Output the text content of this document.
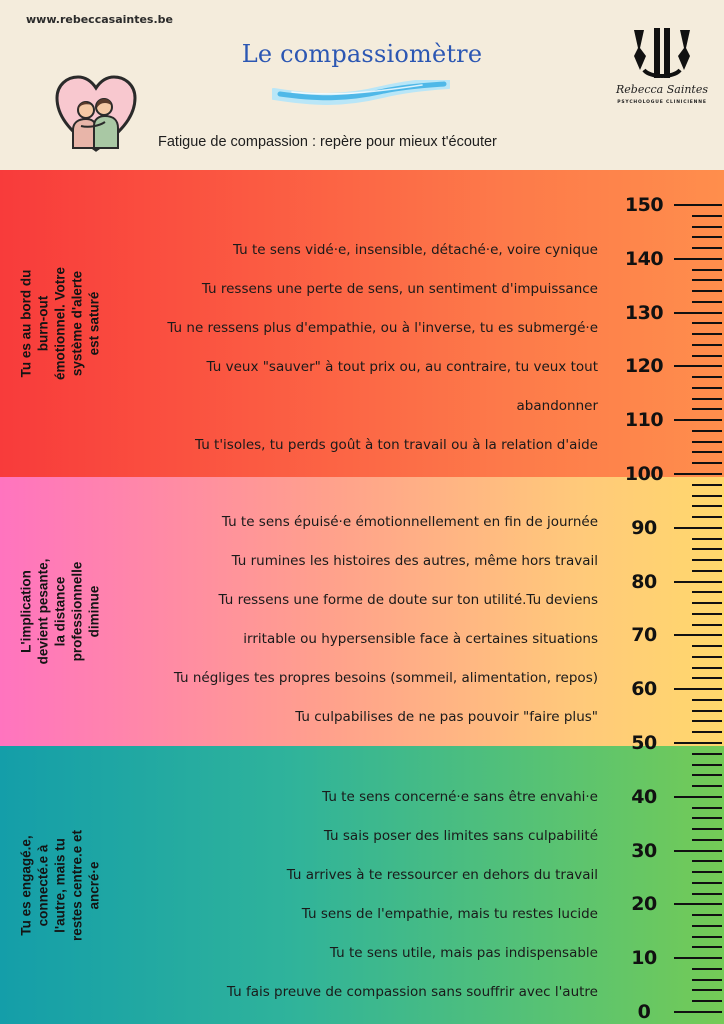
www.rebeccasaintes.be
Le compassiomètre
Fatigue de compassion : repère pour mieux t'écouter
Rebecca Saintes
PSYCHOLOGUE CLINICIENNE
Tu es au bord du burn-out émotionnel. Votre système d'alerte est saturé
L'implication devient pesante, la distance professionnelle diminue
Tu es engagé.e, connecté.e à l'autre, mais tu restes centre.e et ancré·e
Tu te sens vidé·e, insensible, détaché·e, voire cynique
Tu ressens une perte de sens, un sentiment d'impuissance
Tu ne ressens plus d'empathie, ou à l'inverse, tu es submergé·e
Tu veux "sauver" à tout prix ou, au contraire, tu veux tout
abandonner
Tu t'isoles, tu perds goût à ton travail ou à la relation d'aide
Tu te sens épuisé·e émotionnellement en fin de journée
Tu rumines les histoires des autres, même hors travail
Tu ressens une forme de doute sur ton utilité.Tu deviens
irritable ou hypersensible face à certaines situations
Tu négliges tes propres besoins (sommeil, alimentation, repos)
Tu culpabilises de ne pas pouvoir "faire plus"
Tu te sens concerné·e sans être envahi·e
Tu sais poser des limites sans culpabilité
Tu arrives à te ressourcer en dehors du travail
Tu sens de l'empathie, mais tu restes lucide
Tu te sens utile, mais pas indispensable
Tu fais preuve de compassion sans souffrir avec l'autre
150
140
130
120
110
100
90
80
70
60
50
40
30
20
10
0
